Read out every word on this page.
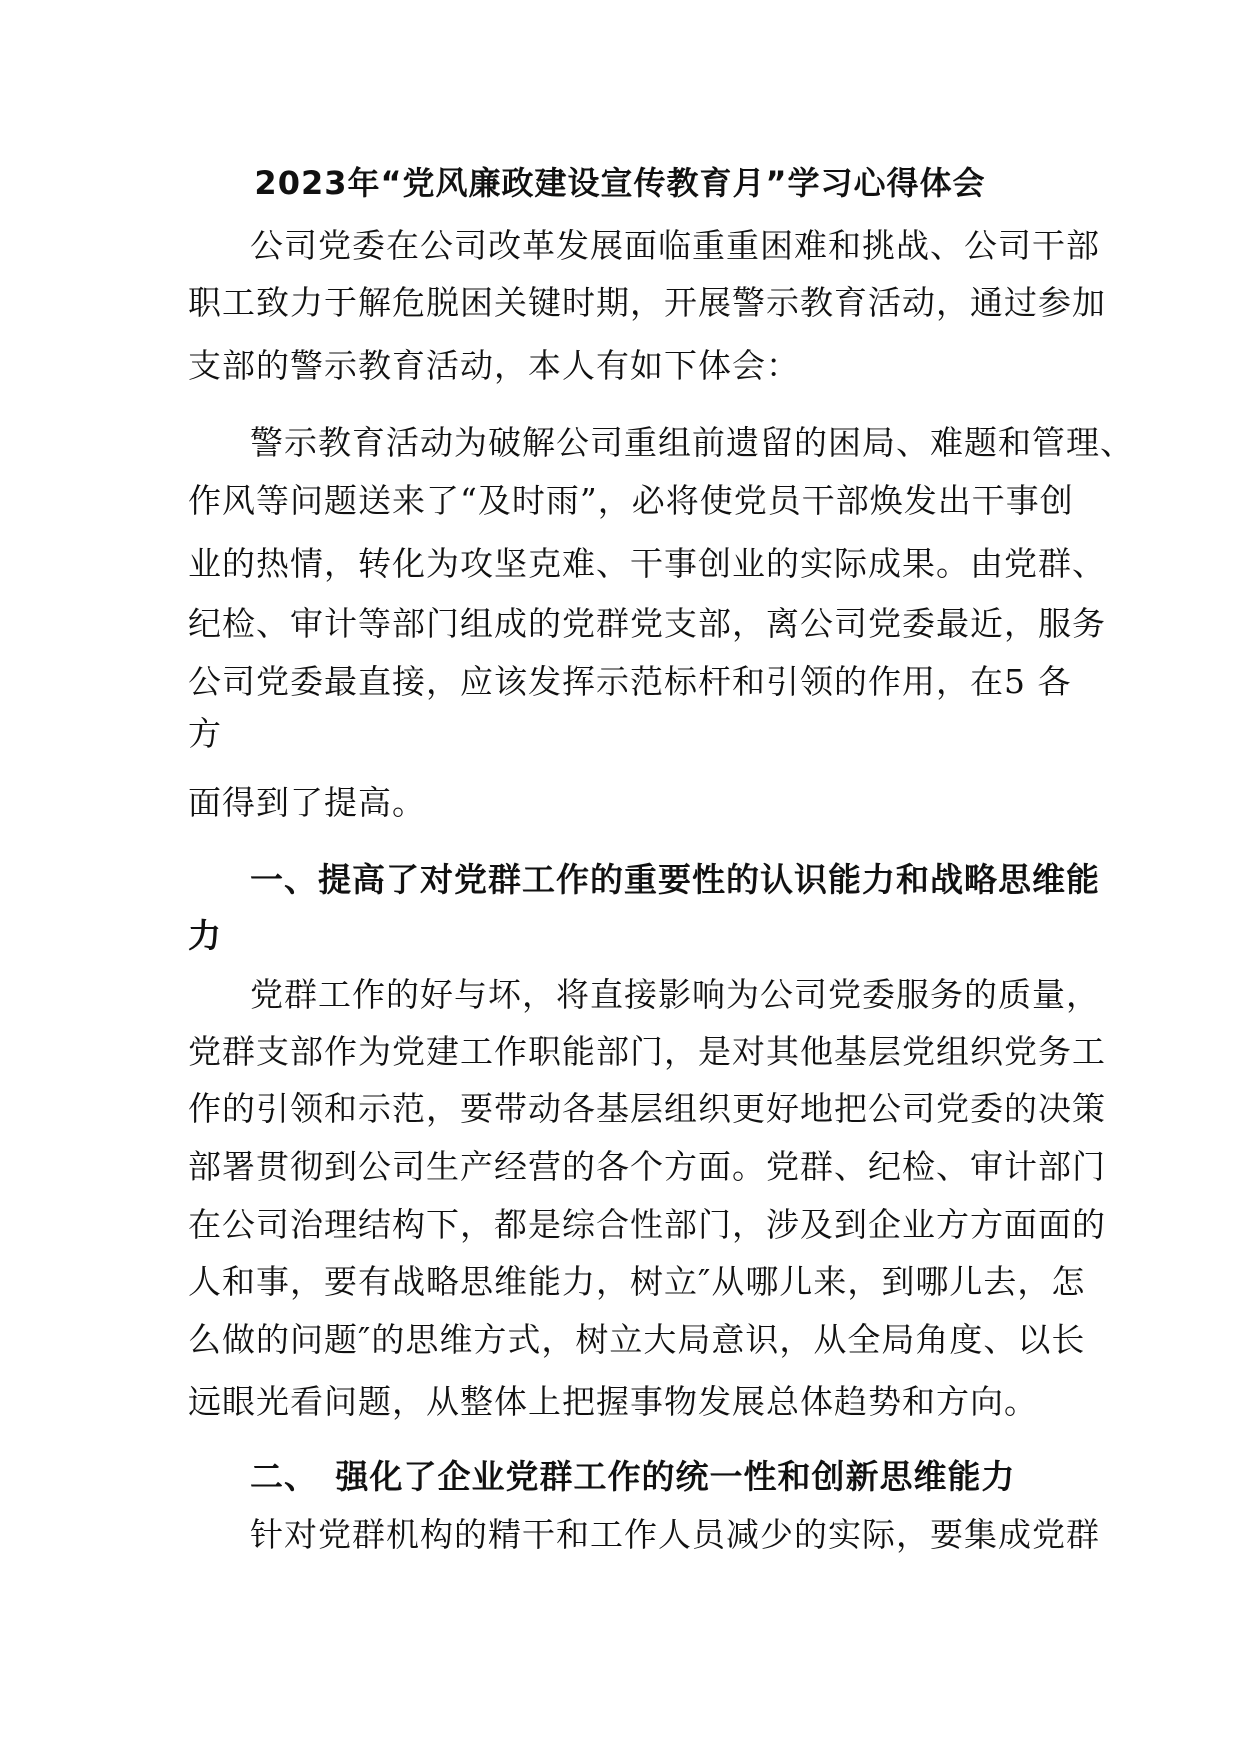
2023年“党风廉政建设宣传教育月”学习心得体会
公司党委在公司改革发展面临重重困难和挑战、公司干部
职工致力于解危脱困关键时期，开展警示教育活动，通过参加
支部的警示教育活动，本人有如下体会：
警示教育活动为破解公司重组前遗留的困局、难题和管理、
作风等问题送来了“及时雨”，必将使党员干部焕发出干事创
业的热情，转化为攻坚克难、干事创业的实际成果。由党群、
纪检、审计等部门组成的党群党支部，离公司党委最近，服务
公司党委最直接，应该发挥示范标杆和引领的作用，在5 各
方
面得到了提高。
一、提高了对党群工作的重要性的认识能力和战略思维能
力
党群工作的好与坏，将直接影响为公司党委服务的质量，
党群支部作为党建工作职能部门，是对其他基层党组织党务工
作的引领和示范，要带动各基层组织更好地把公司党委的决策
部署贯彻到公司生产经营的各个方面。党群、纪检、审计部门
在公司治理结构下，都是综合性部门，涉及到企业方方面面的
人和事，要有战略思维能力，树立″从哪儿来，到哪儿去，怎
么做的问题″的思维方式，树立大局意识，从全局角度、以长
远眼光看问题，从整体上把握事物发展总体趋势和方向。
二、　强化了企业党群工作的统一性和创新思维能力
针对党群机构的精干和工作人员减少的实际，要集成党群
